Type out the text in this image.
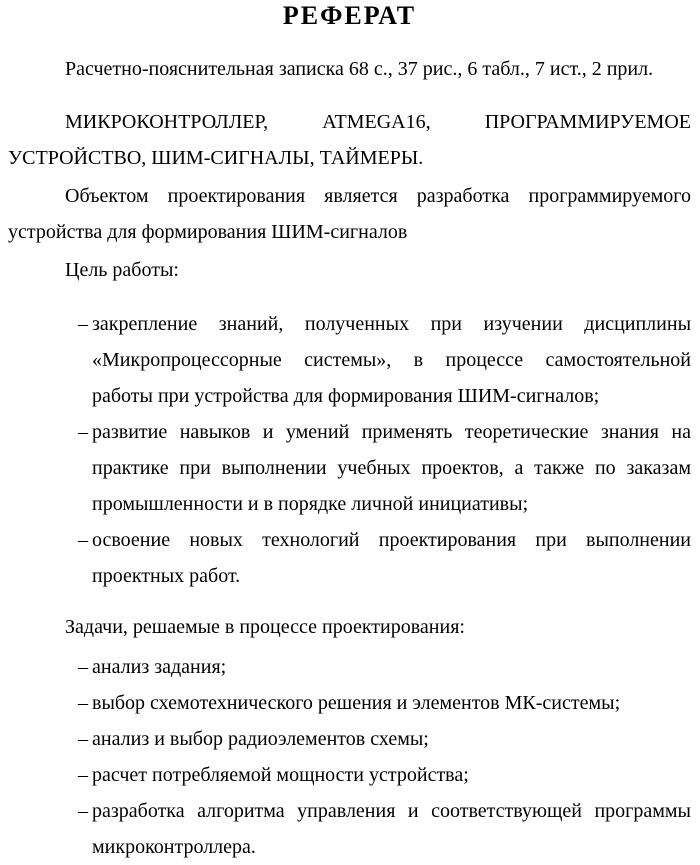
РЕФЕРАТ
Расчетно-пояснительная записка 68 с., 37 рис., 6 табл., 7 ист., 2 прил.
МИКРОКОНТРОЛЛЕР, ATMEGA16, ПРОГРАММИРУЕМОЕ
УСТРОЙСТВО, ШИМ-СИГНАЛЫ, ТАЙМЕРЫ.
Объектом проектирования является разработка программируемого
устройства для формирования ШИМ-сигналов
Цель работы:
– закрепление знаний, полученных при изучении дисциплины
«Микропроцессорные системы», в процессе самостоятельной
работы при устройства для формирования ШИМ-сигналов;
– развитие навыков и умений применять теоретические знания на
практике при выполнении учебных проектов, а также по заказам
промышленности и в порядке личной инициативы;
– освоение новых технологий проектирования при выполнении
проектных работ.
Задачи, решаемые в процессе проектирования:
– анализ задания;
– выбор схемотехнического решения и элементов МК-системы;
– анализ и выбор радиоэлементов схемы;
– расчет потребляемой мощности устройства;
– разработка алгоритма управления и соответствующей программы
микроконтроллера.
